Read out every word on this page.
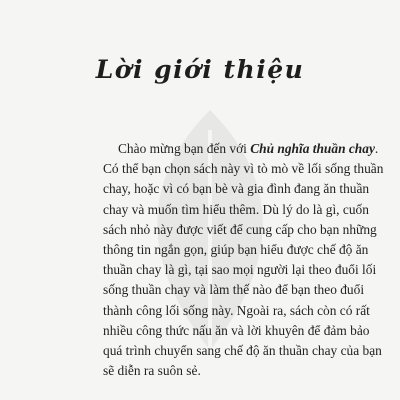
Lời giới thiệu

Chào mừng bạn đến với Chủ nghĩa thuần chay.
Có thể bạn chọn sách này vì tò mò về lối sống thuần
chay, hoặc vì có bạn bè và gia đình đang ăn thuần
chay và muốn tìm hiểu thêm. Dù lý do là gì, cuốn
sách nhỏ này được viết để cung cấp cho bạn những
thông tin ngắn gọn, giúp bạn hiểu được chế độ ăn
thuần chay là gì, tại sao mọi người lại theo đuổi lối
sống thuần chay và làm thế nào để bạn theo đuổi
thành công lối sống này. Ngoài ra, sách còn có rất
nhiều công thức nấu ăn và lời khuyên để đảm bảo
quá trình chuyển sang chế độ ăn thuần chay của bạn
sẽ diễn ra suôn sẻ.
